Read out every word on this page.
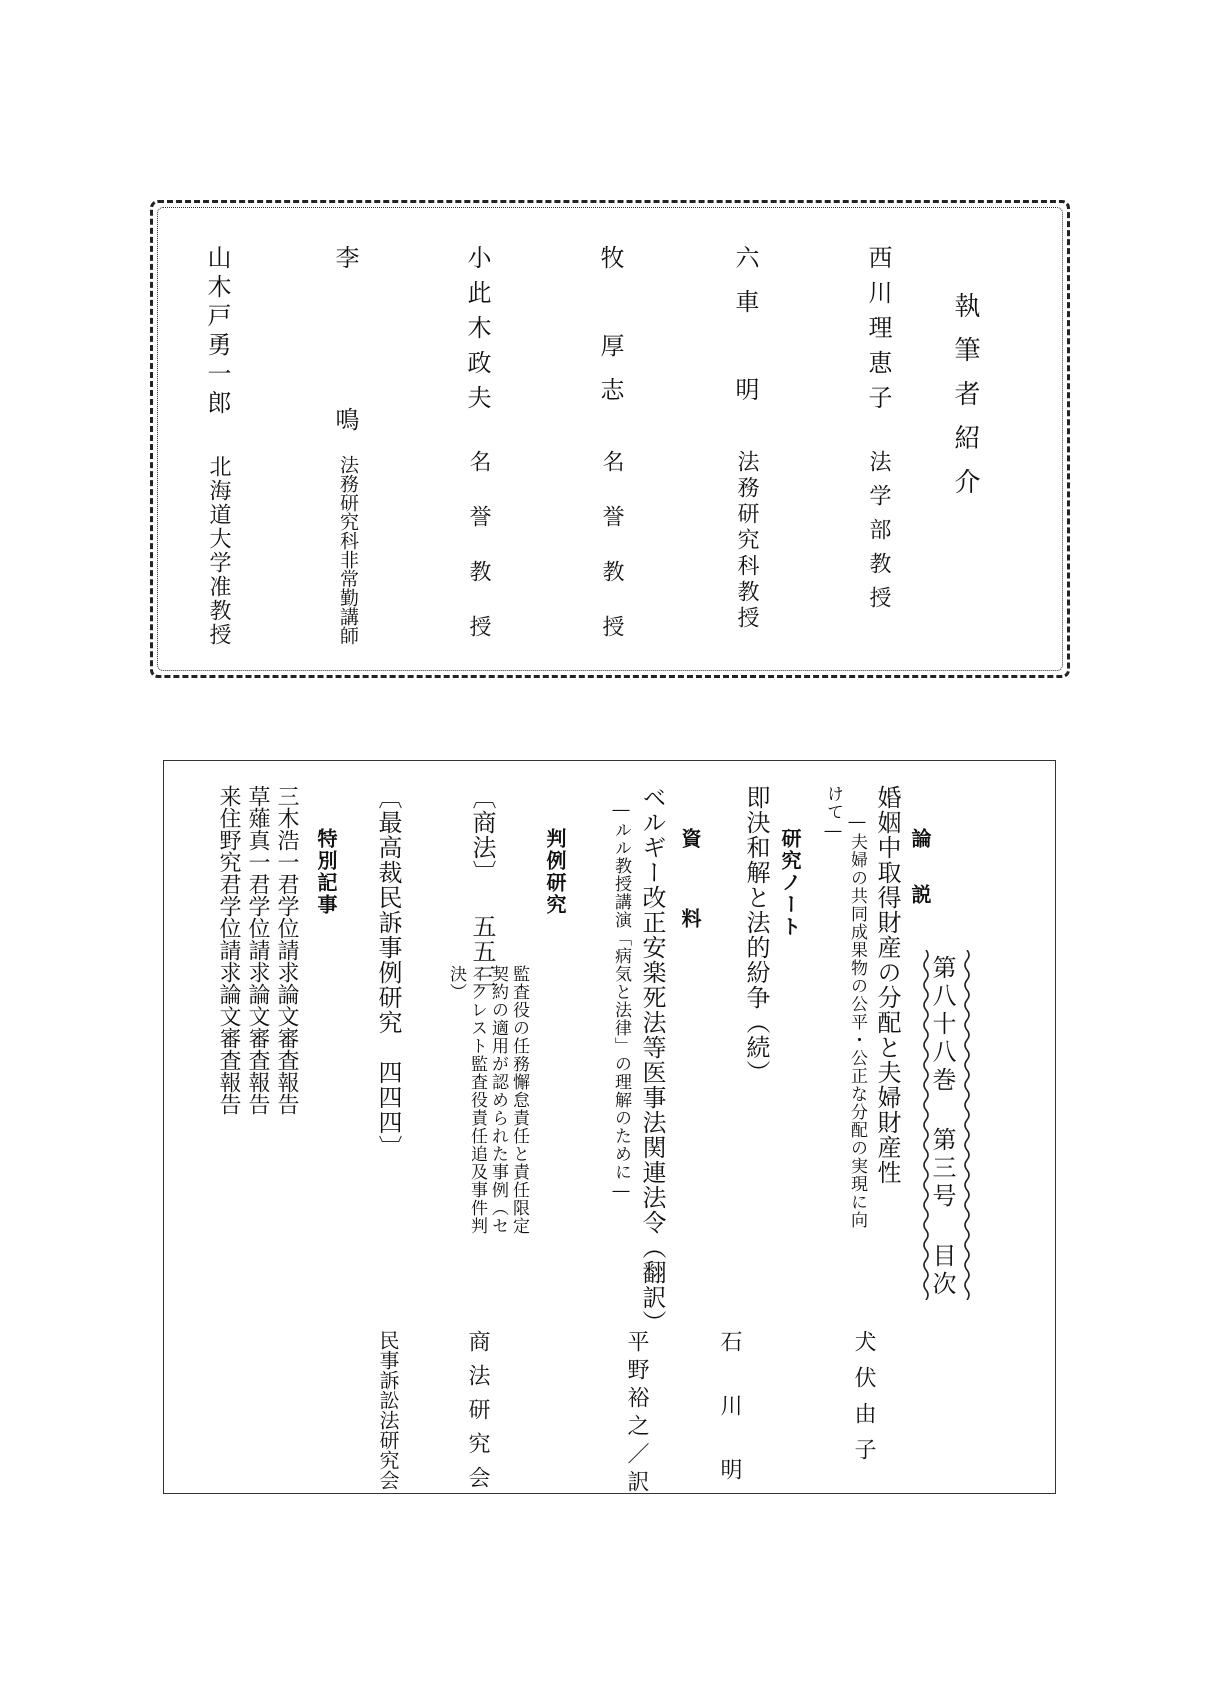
執筆者紹介
西川理恵子
法学部教授
六車　明
法務研究科教授
牧　厚志
名誉教授
小此木政夫
名誉教授
李　　鳴
法務研究科非常勤講師
山木戸勇一郎
北海道大学准教授
第八十八巻 第三号 目次
論 説
婚姻中取得財産の分配と夫婦財産性
―夫婦の共同成果物の公平・公正な分配の実現に向
けて―
犬伏由子
研究ノート
即決和解と法的紛争（続）
石　川　明
資 料
ベルギー改正安楽死法等医事法関連法令（翻訳）
―ルル教授講演「病気と法律」の理解のために―
平野裕之／訳
判例研究
〔商法〕 五五三
監査役の任務懈怠責任と責任限定
契約の適用が認められた事例（セ
イクレスト監査役責任追及事件判
決）
商法研究会
〔最高裁民訴事例研究　四四四〕
民事訴訟法研究会
特別記事
三木浩一君学位請求論文審査報告
草薙真一君学位請求論文審査報告
来住野究君学位請求論文審査報告
